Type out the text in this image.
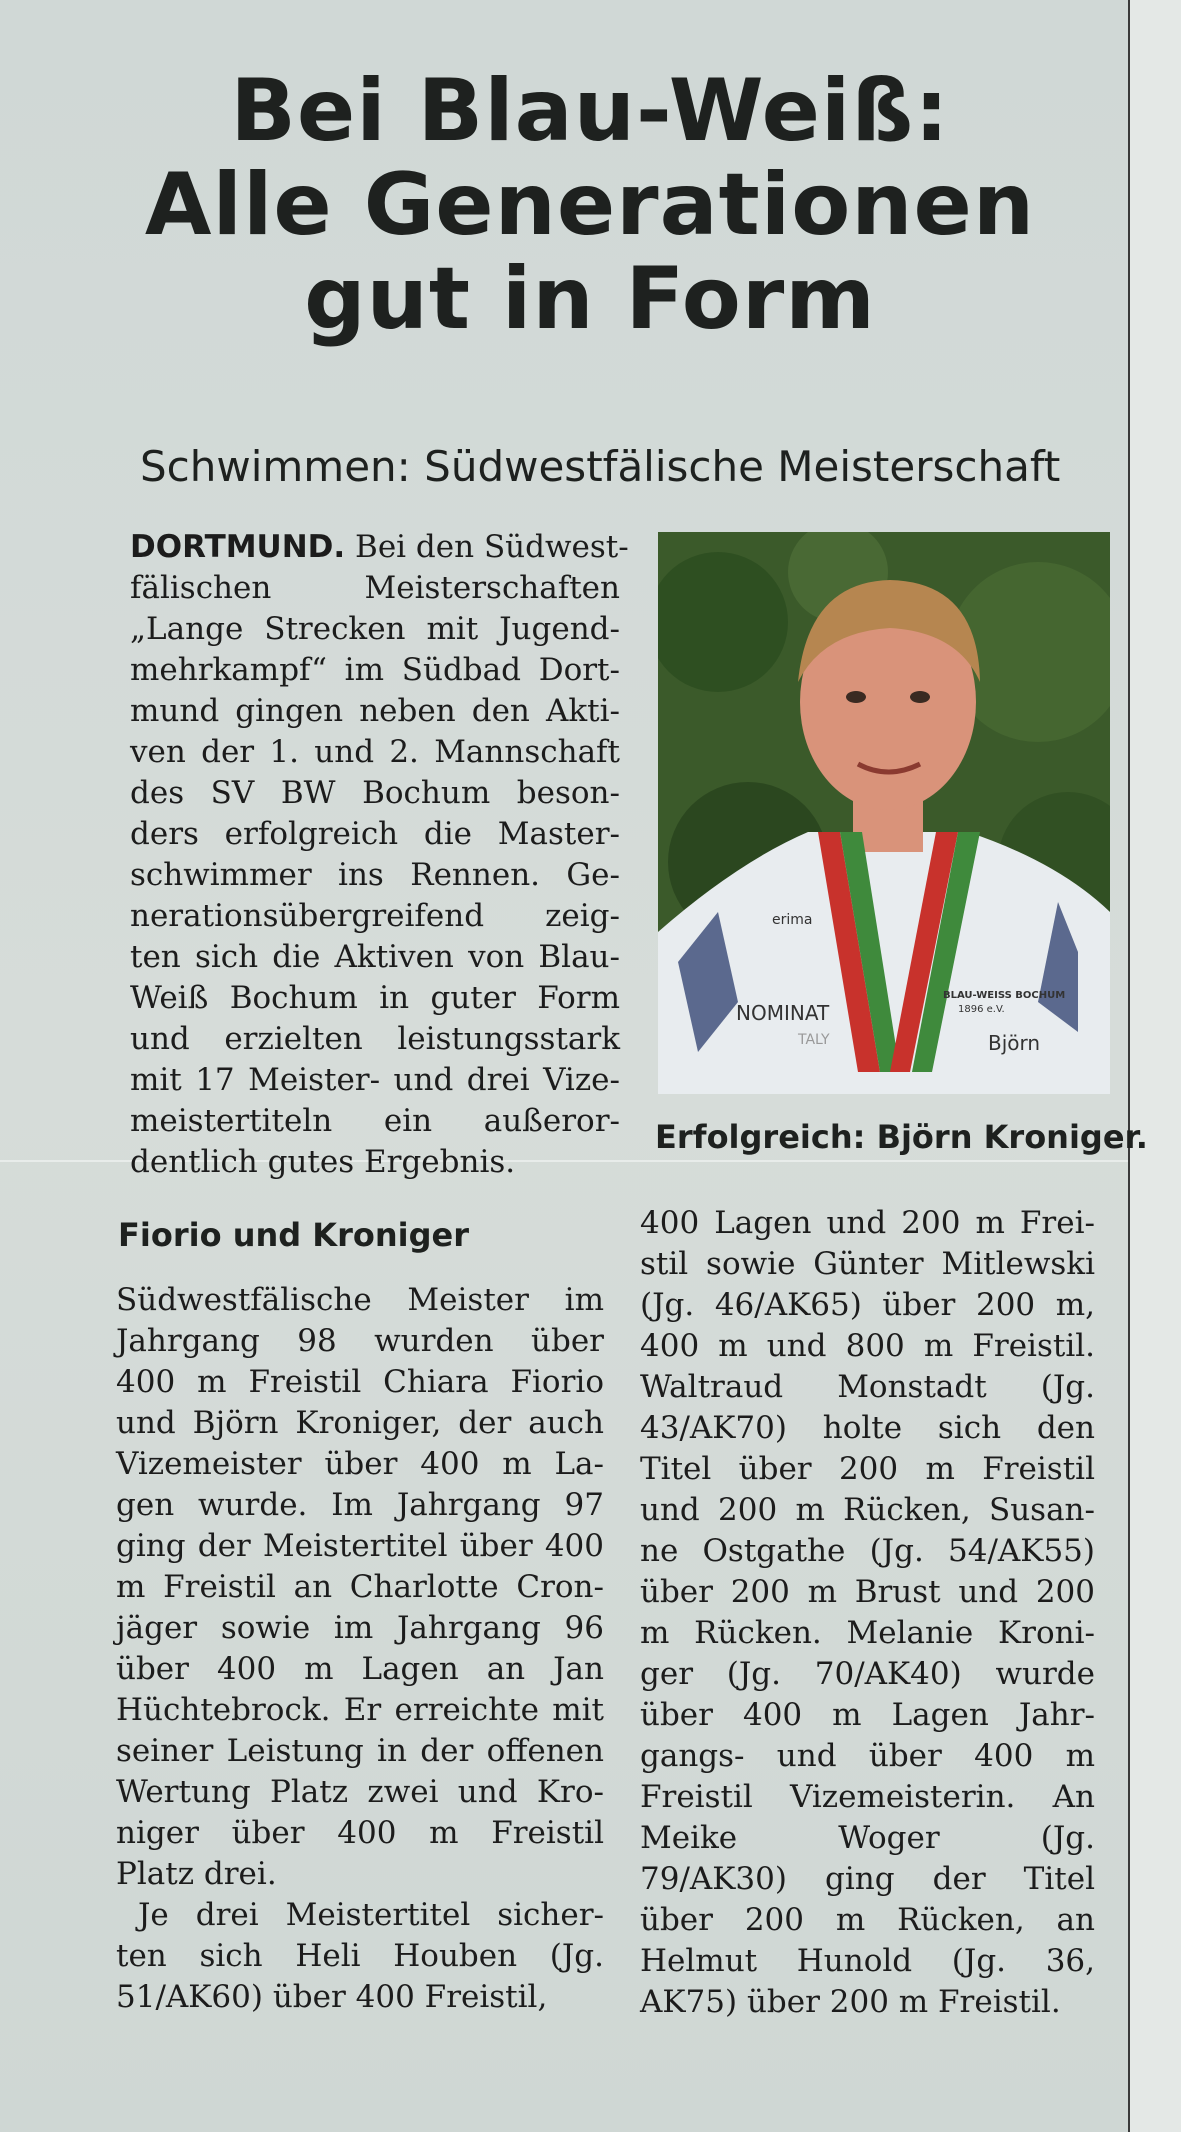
Bei Blau-Weiß:
Alle Generationen
gut in Form
Schwimmen: Südwestfälische Meisterschaft
DORTMUND. Bei den Südwest-
fälischen Meisterschaften
„Lange Strecken mit Jugend-
mehrkampf“ im Südbad Dort-
mund gingen neben den Akti-
ven der 1. und 2. Mannschaft
des SV BW Bochum beson-
ders erfolgreich die Master-
schwimmer ins Rennen. Ge-
nerationsübergreifend zeig-
ten sich die Aktiven von Blau-
Weiß Bochum in guter Form
und erzielten leistungsstark
mit 17 Meister- und drei Vize-
meistertiteln ein außeror-
dentlich gutes Ergebnis.
Fiorio und Kroniger
Südwestfälische Meister im
Jahrgang 98 wurden über
400 m Freistil Chiara Fiorio
und Björn Kroniger, der auch
Vizemeister über 400 m La-
gen wurde. Im Jahrgang 97
ging der Meistertitel über 400
m Freistil an Charlotte Cron-
jäger sowie im Jahrgang 96
über 400 m Lagen an Jan
Hüchtebrock. Er erreichte mit
seiner Leistung in der offenen
Wertung Platz zwei und Kro-
niger über 400 m Freistil
Platz drei.
Je drei Meistertitel sicher-
ten sich Heli Houben (Jg.
51/AK60) über 400 Freistil,
erima
NOMINAT
TALY
BLAU-WEISS BOCHUM
1896 e.V.
Björn
Erfolgreich: Björn Kroniger.
400 Lagen und 200 m Frei-
stil sowie Günter Mitlewski
(Jg. 46/AK65) über 200 m,
400 m und 800 m Freistil.
Waltraud Monstadt (Jg.
43/AK70) holte sich den
Titel über 200 m Freistil
und 200 m Rücken, Susan-
ne Ostgathe (Jg. 54/AK55)
über 200 m Brust und 200
m Rücken. Melanie Kroni-
ger (Jg. 70/AK40) wurde
über 400 m Lagen Jahr-
gangs- und über 400 m
Freistil Vizemeisterin. An
Meike Woger (Jg.
79/AK30) ging der Titel
über 200 m Rücken, an
Helmut Hunold (Jg. 36,
AK75) über 200 m Freistil.
